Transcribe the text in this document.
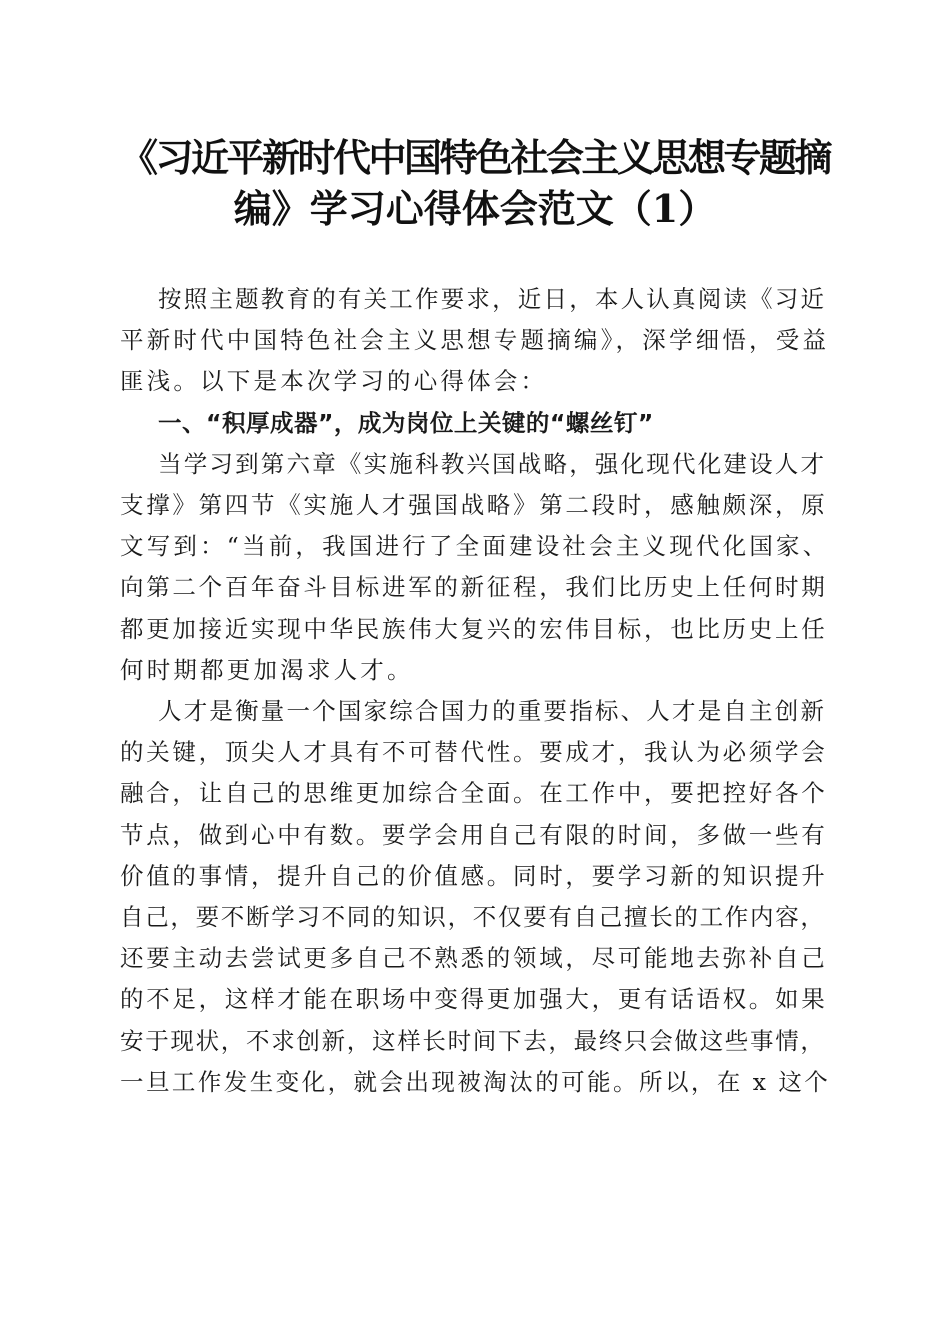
《习近平新时代中国特色社会主义思想专题摘
编》学习心得体会范文（1）

按照主题教育的有关工作要求，近日，本人认真阅读《习近
平新时代中国特色社会主义思想专题摘编》，深学细悟，受益
匪浅。以下是本次学习的心得体会：

一、“积厚成器”，成为岗位上关键的“螺丝钉”

当学习到第六章《实施科教兴国战略，强化现代化建设人才
支撑》第四节《实施人才强国战略》第二段时，感触颇深，原
文写到：“当前，我国进行了全面建设社会主义现代化国家、
向第二个百年奋斗目标进军的新征程，我们比历史上任何时期
都更加接近实现中华民族伟大复兴的宏伟目标，也比历史上任
何时期都更加渴求人才。

人才是衡量一个国家综合国力的重要指标、人才是自主创新
的关键，顶尖人才具有不可替代性。要成才，我认为必须学会
融合，让自己的思维更加综合全面。在工作中，要把控好各个
节点，做到心中有数。要学会用自己有限的时间，多做一些有
价值的事情，提升自己的价值感。同时，要学习新的知识提升
自己，要不断学习不同的知识，不仅要有自己擅长的工作内容，
还要主动去尝试更多自己不熟悉的领域，尽可能地去弥补自己
的不足，这样才能在职场中变得更加强大，更有话语权。如果
安于现状，不求创新，这样长时间下去，最终只会做这些事情，
一旦工作发生变化，就会出现被淘汰的可能。所以，在 x 这个
